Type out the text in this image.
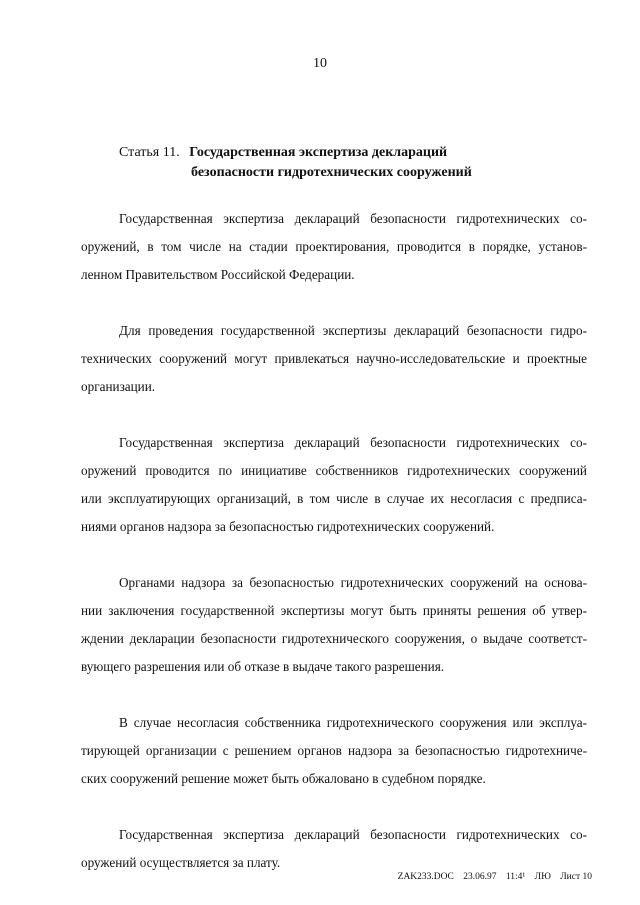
10
Статья 11. Государственная экспертиза деклараций
безопасности гидротехнических сооружений

Государственная экспертиза деклараций безопасности гидротехнических со-
оружений, в том числе на стадии проектирования, проводится в порядке, установ-
ленном Правительством Российской Федерации.

Для проведения государственной экспертизы деклараций безопасности гидро-
технических сооружений могут привлекаться научно-исследовательские и проектные
организации.

Государственная экспертиза деклараций безопасности гидротехнических со-
оружений проводится по инициативе собственников гидротехнических сооружений
или эксплуатирующих организаций, в том числе в случае их несогласия с предписа-
ниями органов надзора за безопасностью гидротехнических сооружений.

Органами надзора за безопасностью гидротехнических сооружений на основа-
нии заключения государственной экспертизы могут быть приняты решения об утвер-
ждении декларации безопасности гидротехнического сооружения, о выдаче соответст-
вующего разрешения или об отказе в выдаче такого разрешения.

В случае несогласия собственника гидротехнического сооружения или эксплуа-
тирующей организации с решением органов надзора за безопасностью гидротехниче-
ских сооружений решение может быть обжаловано в судебном порядке.

Государственная экспертиза деклараций безопасности гидротехнических со-
оружений осуществляется за плату.

ZAK233.DOC 23.06.97 11:4¹ ЛЮ Лист 10
